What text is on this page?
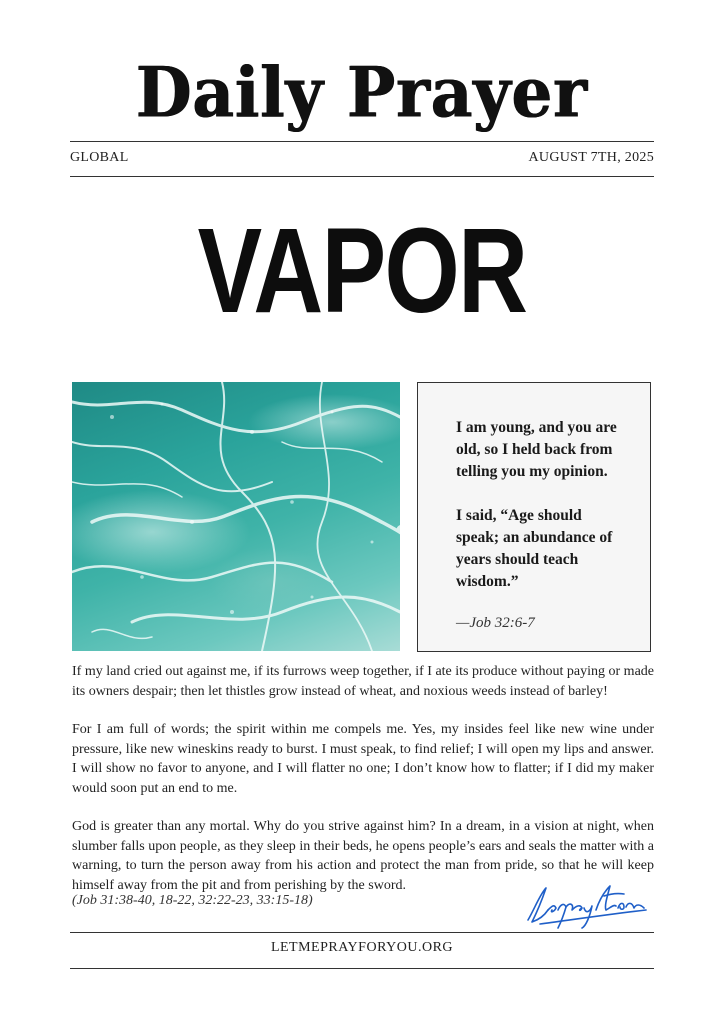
Daily Prayer
GLOBAL	AUGUST 7TH, 2025
VAPOR

I am young, and you are old, so I held back from telling you my opinion.

I said, “Age should speak; an abundance of years should teach wisdom.”

—Job 32:6-7

If my land cried out against me, if its furrows weep together, if I ate its produce without paying or made its owners despair; then let thistles grow instead of wheat, and noxious weeds instead of barley!

For I am full of words; the spirit within me compels me. Yes, my insides feel like new wine under pressure, like new wineskins ready to burst. I must speak, to find relief; I will open my lips and answer. I will show no favor to anyone, and I will flatter no one; I don’t know how to flatter; if I did my maker would soon put an end to me.

God is greater than any mortal. Why do you strive against him? In a dream, in a vision at night, when slumber falls upon people, as they sleep in their beds, he opens people’s ears and seals the matter with a warning, to turn the person away from his action and protect the man from pride, so that he will keep himself away from the pit and from perishing by the sword.

(Job 31:38-40, 18-22, 32:22-23, 33:15-18)
LETMEPRAYFORYOU.ORG
